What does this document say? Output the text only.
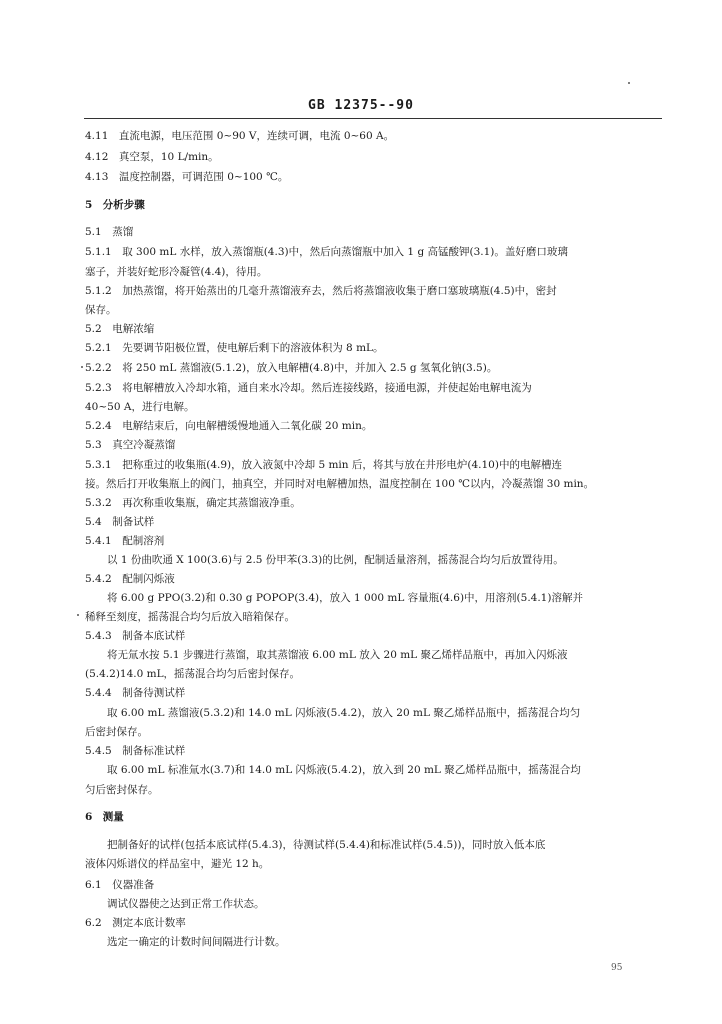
GB 12375--90
4.11　直流电源，电压范围 0~90 V，连续可调，电流 0~60 A。
4.12　真空泵，10 L/min。
4.13　温度控制器，可调范围 0~100 ℃。
5　分析步骤
5.1　蒸馏
5.1.1　取 300 mL 水样，放入蒸馏瓶(4.3)中，然后向蒸馏瓶中加入 1 g 高锰酸钾(3.1)。盖好磨口玻璃
塞子，并装好蛇形冷凝管(4.4)，待用。
5.1.2　加热蒸馏，将开始蒸出的几毫升蒸馏液弃去，然后将蒸馏液收集于磨口塞玻璃瓶(4.5)中，密封
保存。
5.2　电解浓缩
5.2.1　先要调节阳极位置，使电解后剩下的溶液体积为 8 mL。
5.2.2　将 250 mL 蒸馏液(5.1.2)，放入电解槽(4.8)中，并加入 2.5 g 氢氧化钠(3.5)。
5.2.3　将电解槽放入冷却水箱，通自来水冷却。然后连接线路，接通电源，并使起始电解电流为
40~50 A，进行电解。
5.2.4　电解结束后，向电解槽缓慢地通入二氧化碳 20 min。
5.3　真空冷凝蒸馏
5.3.1　把称重过的收集瓶(4.9)，放入液氮中冷却 5 min 后，将其与放在井形电炉(4.10)中的电解槽连
接。然后打开收集瓶上的阀门，抽真空，并同时对电解槽加热，温度控制在 100 ℃以内，冷凝蒸馏 30 min。
5.3.2　再次称重收集瓶，确定其蒸馏液净重。
5.4　制备试样
5.4.1　配制溶剂
以 1 份曲吹通 X 100(3.6)与 2.5 份甲苯(3.3)的比例，配制适量溶剂，摇荡混合均匀后放置待用。
5.4.2　配制闪烁液
将 6.00 g PPO(3.2)和 0.30 g POPOP(3.4)，放入 1 000 mL 容量瓶(4.6)中，用溶剂(5.4.1)溶解并
稀释至刻度，摇荡混合均匀后放入暗箱保存。
5.4.3　制备本底试样
将无氚水按 5.1 步骤进行蒸馏，取其蒸馏液 6.00 mL 放入 20 mL 聚乙烯样品瓶中，再加入闪烁液
(5.4.2)14.0 mL，摇荡混合均匀后密封保存。
5.4.4　制备待测试样
取 6.00 mL 蒸馏液(5.3.2)和 14.0 mL 闪烁液(5.4.2)，放入 20 mL 聚乙烯样品瓶中，摇荡混合均匀
后密封保存。
5.4.5　制备标准试样
取 6.00 mL 标准氚水(3.7)和 14.0 mL 闪烁液(5.4.2)，放入到 20 mL 聚乙烯样品瓶中，摇荡混合均
匀后密封保存。
6　测量
把制备好的试样(包括本底试样(5.4.3)，待测试样(5.4.4)和标准试样(5.4.5))，同时放入低本底
液体闪烁谱仪的样品室中，避光 12 h。
6.1　仪器准备
调试仪器使之达到正常工作状态。
6.2　测定本底计数率
选定一确定的计数时间间隔进行计数。
95
